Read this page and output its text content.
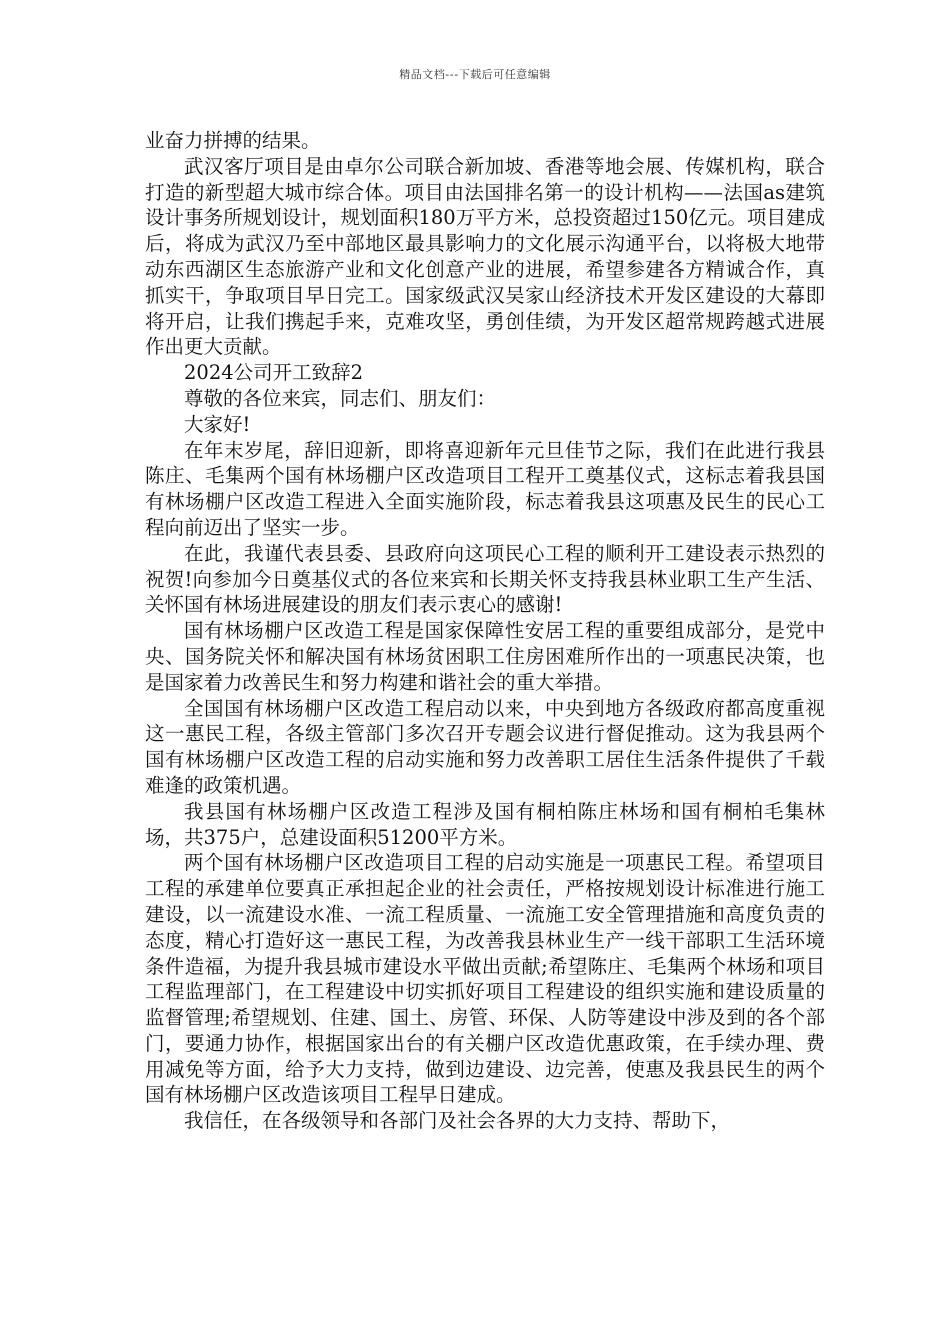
精品文档---下载后可任意编辑

业奋力拼搏的结果。

武汉客厅项目是由卓尔公司联合新加坡、香港等地会展、传媒机构，联合打造的新型超大城市综合体。项目由法国排名第一的设计机构——法国as建筑设计事务所规划设计，规划面积180万平方米，总投资超过150亿元。项目建成后，将成为武汉乃至中部地区最具影响力的文化展示沟通平台，以将极大地带动东西湖区生态旅游产业和文化创意产业的进展，希望参建各方精诚合作，真抓实干，争取项目早日完工。国家级武汉吴家山经济技术开发区建设的大幕即将开启，让我们携起手来，克难攻坚，勇创佳绩，为开发区超常规跨越式进展作出更大贡献。

2024公司开工致辞2

尊敬的各位来宾，同志们、朋友们：

大家好!

在年末岁尾，辞旧迎新，即将喜迎新年元旦佳节之际，我们在此进行我县陈庄、毛集两个国有林场棚户区改造项目工程开工奠基仪式，这标志着我县国有林场棚户区改造工程进入全面实施阶段，标志着我县这项惠及民生的民心工程向前迈出了坚实一步。

在此，我谨代表县委、县政府向这项民心工程的顺利开工建设表示热烈的祝贺!向参加今日奠基仪式的各位来宾和长期关怀支持我县林业职工生产生活、关怀国有林场进展建设的朋友们表示衷心的感谢!

国有林场棚户区改造工程是国家保障性安居工程的重要组成部分，是党中央、国务院关怀和解决国有林场贫困职工住房困难所作出的一项惠民决策，也是国家着力改善民生和努力构建和谐社会的重大举措。

全国国有林场棚户区改造工程启动以来，中央到地方各级政府都高度重视这一惠民工程，各级主管部门多次召开专题会议进行督促推动。这为我县两个国有林场棚户区改造工程的启动实施和努力改善职工居住生活条件提供了千载难逢的政策机遇。

我县国有林场棚户区改造工程涉及国有桐柏陈庄林场和国有桐柏毛集林场，共375户，总建设面积51200平方米。

两个国有林场棚户区改造项目工程的启动实施是一项惠民工程。希望项目工程的承建单位要真正承担起企业的社会责任，严格按规划设计标准进行施工建设，以一流建设水准、一流工程质量、一流施工安全管理措施和高度负责的态度，精心打造好这一惠民工程，为改善我县林业生产一线干部职工生活环境条件造福，为提升我县城市建设水平做出贡献;希望陈庄、毛集两个林场和项目工程监理部门，在工程建设中切实抓好项目工程建设的组织实施和建设质量的监督管理;希望规划、住建、国土、房管、环保、人防等建设中涉及到的各个部门，要通力协作，根据国家出台的有关棚户区改造优惠政策，在手续办理、费用减免等方面，给予大力支持，做到边建设、边完善，使惠及我县民生的两个国有林场棚户区改造该项目工程早日建成。

我信任，在各级领导和各部门及社会各界的大力支持、帮助下，
